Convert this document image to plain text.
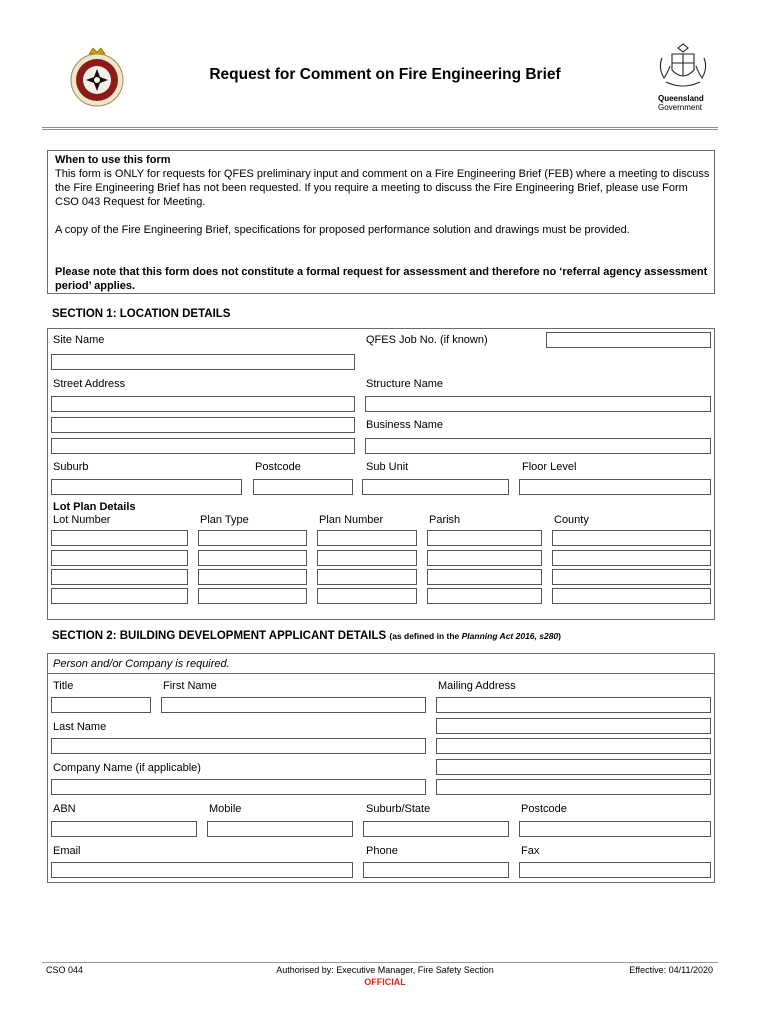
Request for Comment on Fire Engineering Brief
Queensland
Government
When to use this form
This form is ONLY for requests for QFES preliminary input and comment on a Fire Engineering Brief (FEB) where a meeting to discuss the Fire Engineering Brief has not been requested. If you require a meeting to discuss the Fire Engineering Brief, please use Form CSO 043 Request for Meeting.
A copy of the Fire Engineering Brief, specifications for proposed performance solution and drawings must be provided.
Please note that this form does not constitute a formal request for assessment and therefore no ‘referral agency assessment period’ applies.
SECTION 1: LOCATION DETAILS
Site Name	QFES Job No. (if known)
Street Address	Structure Name
Business Name
Suburb	Postcode	Sub Unit	Floor Level
Lot Plan Details
Lot Number	Plan Type	Plan Number	Parish	County
SECTION 2: BUILDING DEVELOPMENT APPLICANT DETAILS (as defined in the Planning Act 2016, s280)
Person and/or Company is required.
Title	First Name	Mailing Address
Last Name
Company Name (if applicable)
ABN	Mobile	Suburb/State	Postcode
Email	Phone	Fax
CSO 044	Authorised by: Executive Manager, Fire Safety Section
OFFICIAL
Effective: 04/11/2020
